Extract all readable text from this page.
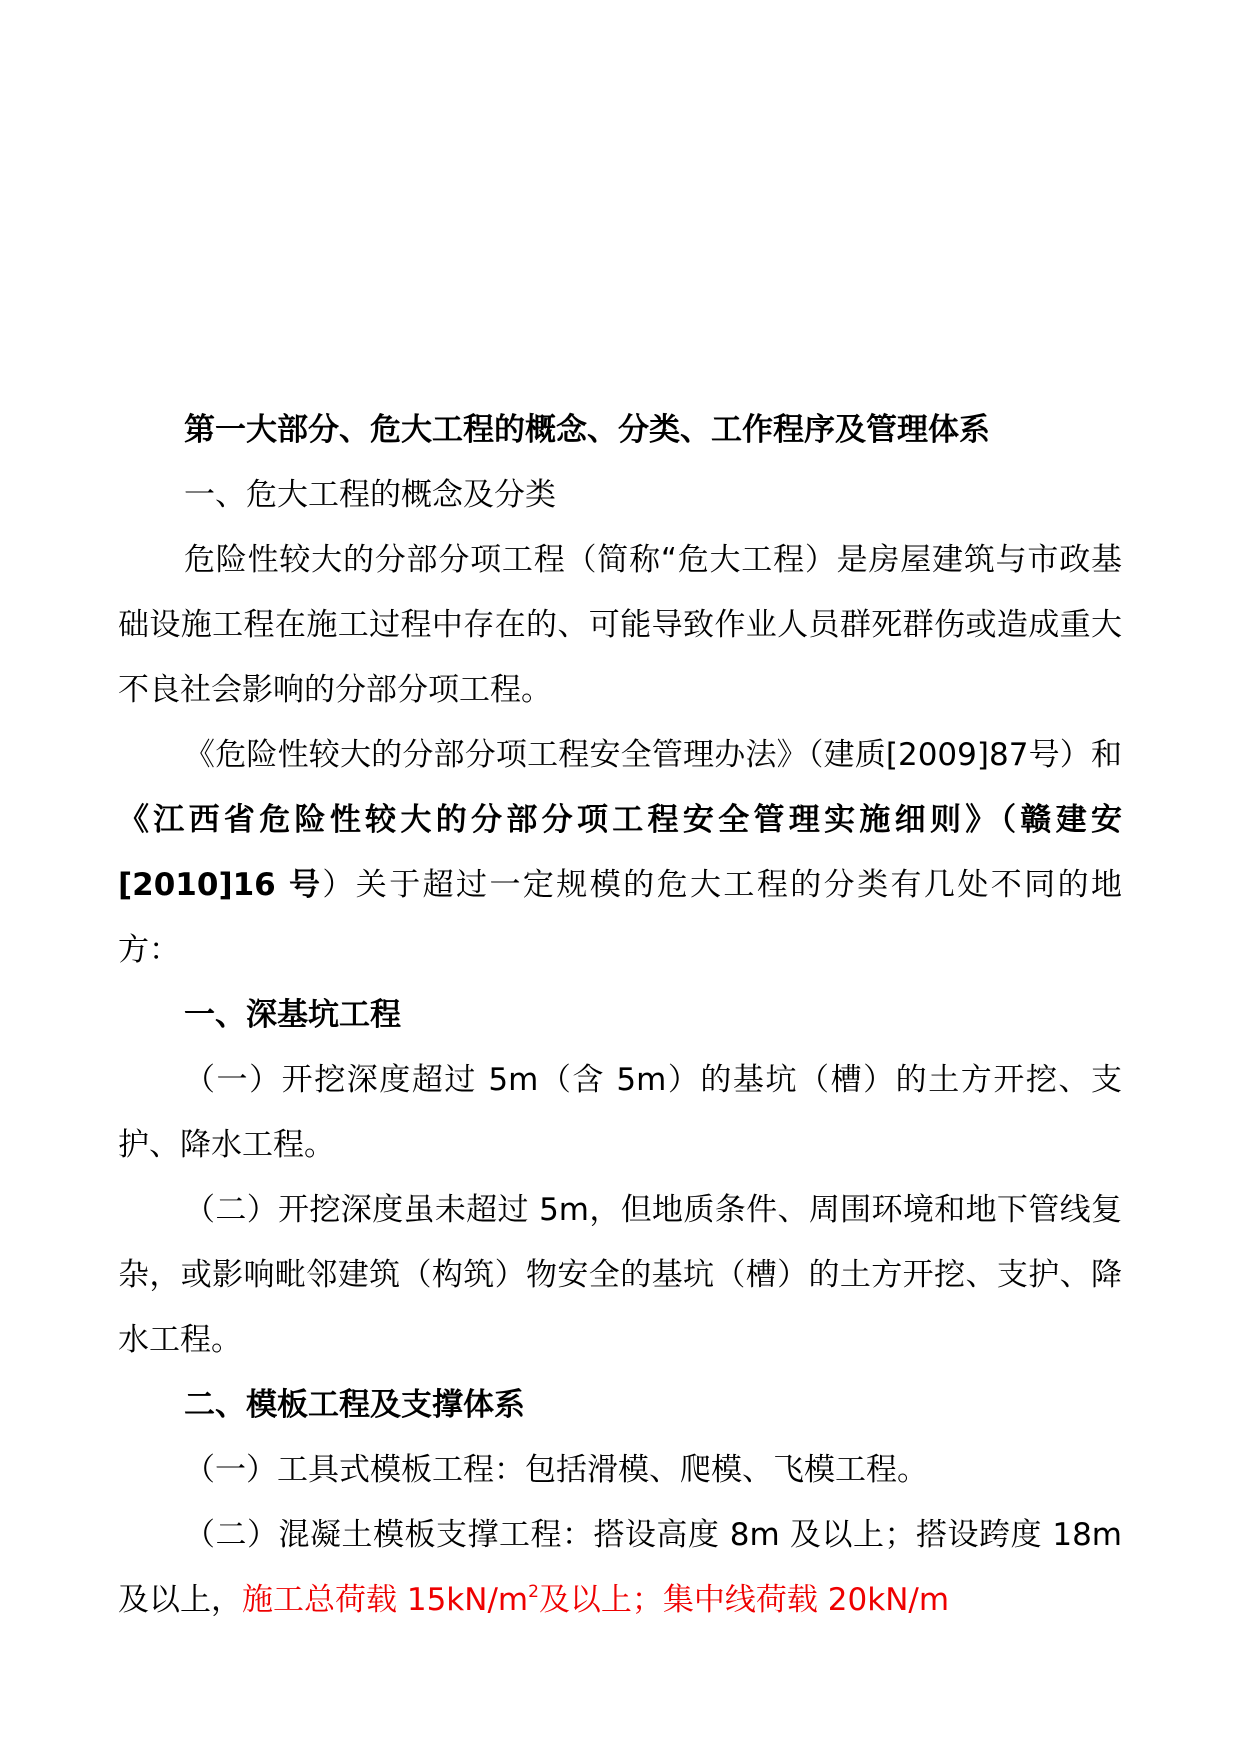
第一大部分、危大工程的概念、分类、工作程序及管理体系

一、危大工程的概念及分类

危险性较大的分部分项工程（简称“危大工程）是房屋建筑与市政基础设施工程在施工过程中存在的、可能导致作业人员群死群伤或造成重大不良社会影响的分部分项工程。

《危险性较大的分部分项工程安全管理办法》（建质[2009]87号）和《江西省危险性较大的分部分项工程安全管理实施细则》（赣建安[2010]16 号）关于超过一定规模的危大工程的分类有几处不同的地方：

一、深基坑工程

（一）开挖深度超过 5m（含 5m）的基坑（槽）的土方开挖、支护、降水工程。

（二）开挖深度虽未超过 5m，但地质条件、周围环境和地下管线复杂，或影响毗邻建筑（构筑）物安全的基坑（槽）的土方开挖、支护、降水工程。

二、模板工程及支撑体系

（一）工具式模板工程：包括滑模、爬模、飞模工程。

（二）混凝土模板支撑工程：搭设高度 8m 及以上；搭设跨度 18m 及以上，施工总荷载 $15kN/m^2$及以上；集中线荷载 20kN/m
